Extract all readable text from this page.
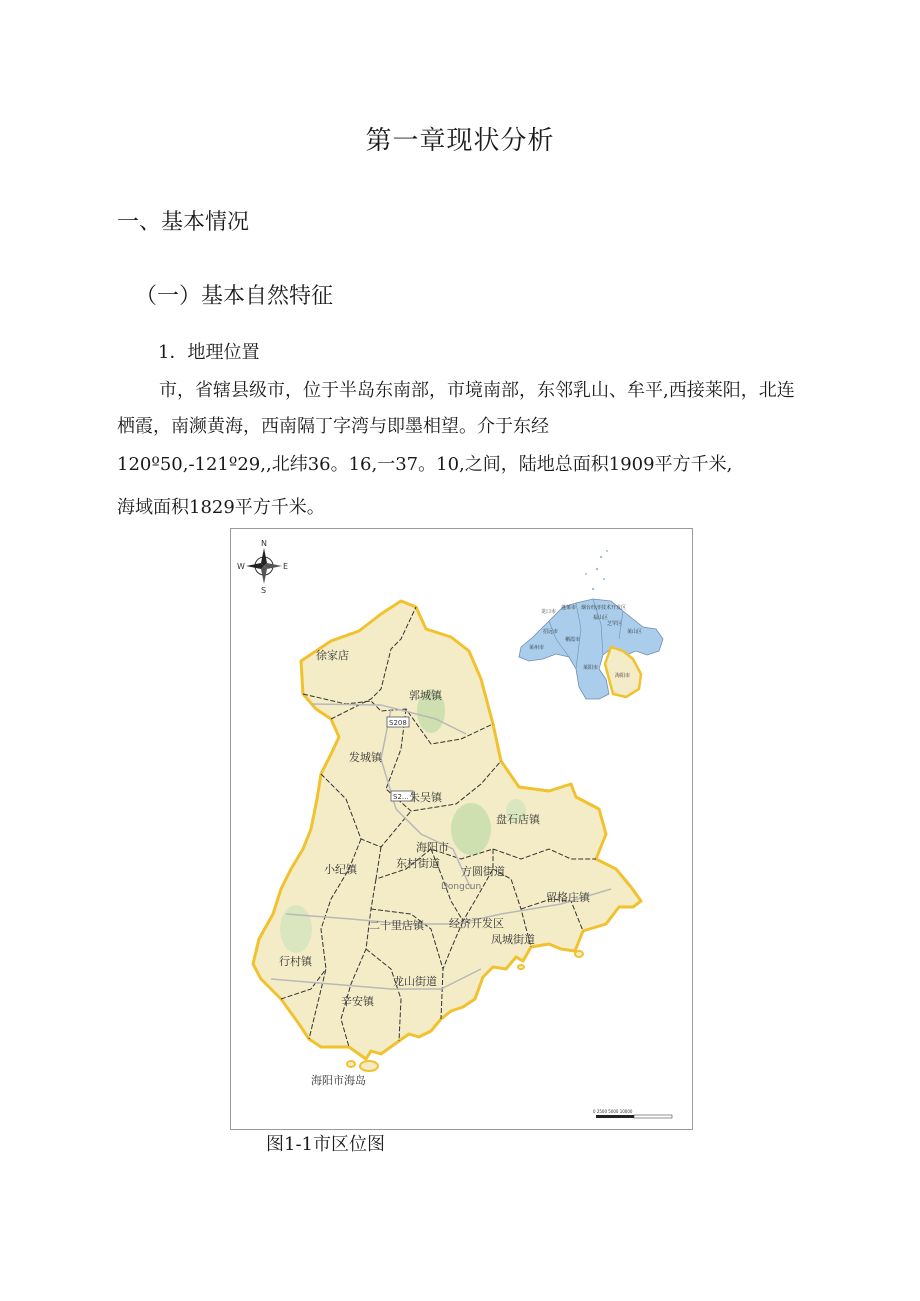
第一章现状分析
一、基本情况
（一）基本自然特征
1．地理位置

市，省辖县级市，位于半岛东南部，市境南部，东邻乳山、牟平,西接莱阳，北连栖霞，南濒黄海，西南隔丁字湾与即墨相望。介于东经

120º50,-121º29,,北纬36。16,一37。10,之间，陆地总面积1909平方千米,

海域面积1829平方千米。

N
S
E
W
S208
S2...
徐家店
郭城镇
发城镇
朱吴镇
盘石店镇
海阳市
东村街道
方圆街道
小纪镇
留格庄镇
二十里店镇 经济开发区
凤城街道
行村镇
龙山街道
辛安镇
海阳市海岛
Dongcun
龙口市
蓬莱市 烟台经济技术开发区
招远市
栖霞市
福山区
芝罘区
莱山区
莱州市
莱阳市
海阳市
0 2500 5000 10000
图1-1市区位图
